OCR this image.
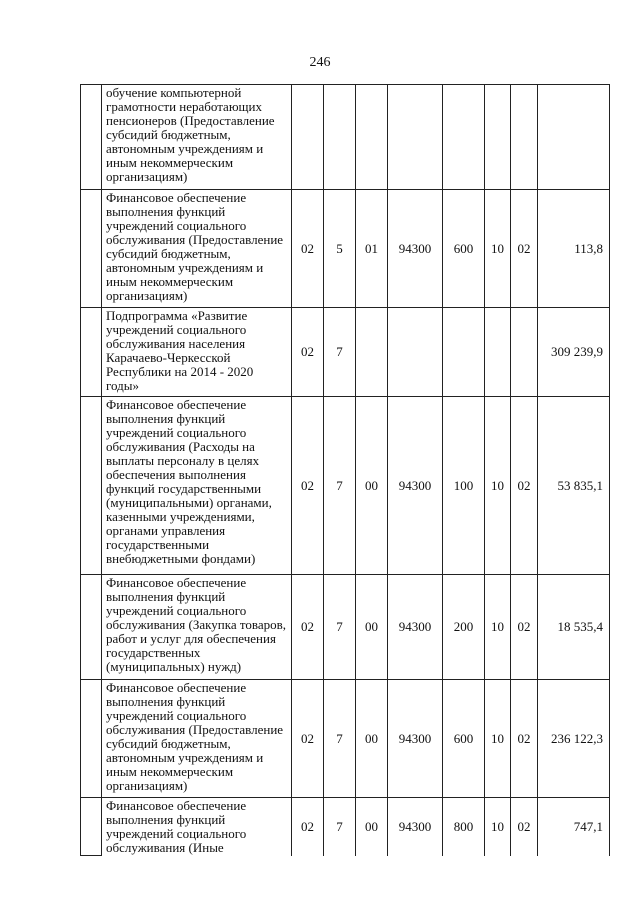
246
	обучение компьютерной грамотности неработающих пенсионеров (Предоставление субсидий бюджетным, автономным учреждениям и иным некоммерческим организациям)								
	Финансовое обеспечение выполнения функций учреждений социального обслуживания (Предоставление субсидий бюджетным, автономным учреждениям и иным некоммерческим организациям)	02	5	01	94300	600	10	02	113,8
	Подпрограмма «Развитие учреждений социального обслуживания населения Карачаево-Черкесской Республики на 2014 - 2020 годы»	02	7						309 239,9
	Финансовое обеспечение выполнения функций учреждений социального обслуживания (Расходы на выплаты персоналу в целях обеспечения выполнения функций государственными (муниципальными) органами, казенными учреждениями, органами управления государственными внебюджетными фондами)	02	7	00	94300	100	10	02	53 835,1
	Финансовое обеспечение выполнения функций учреждений социального обслуживания (Закупка товаров, работ и услуг для обеспечения государственных (муниципальных) нужд)	02	7	00	94300	200	10	02	18 535,4
	Финансовое обеспечение выполнения функций учреждений социального обслуживания (Предоставление субсидий бюджетным, автономным учреждениям и иным некоммерческим организациям)	02	7	00	94300	600	10	02	236 122,3
	Финансовое обеспечение выполнения функций учреждений социального обслуживания (Иные	02	7	00	94300	800	10	02	747,1
